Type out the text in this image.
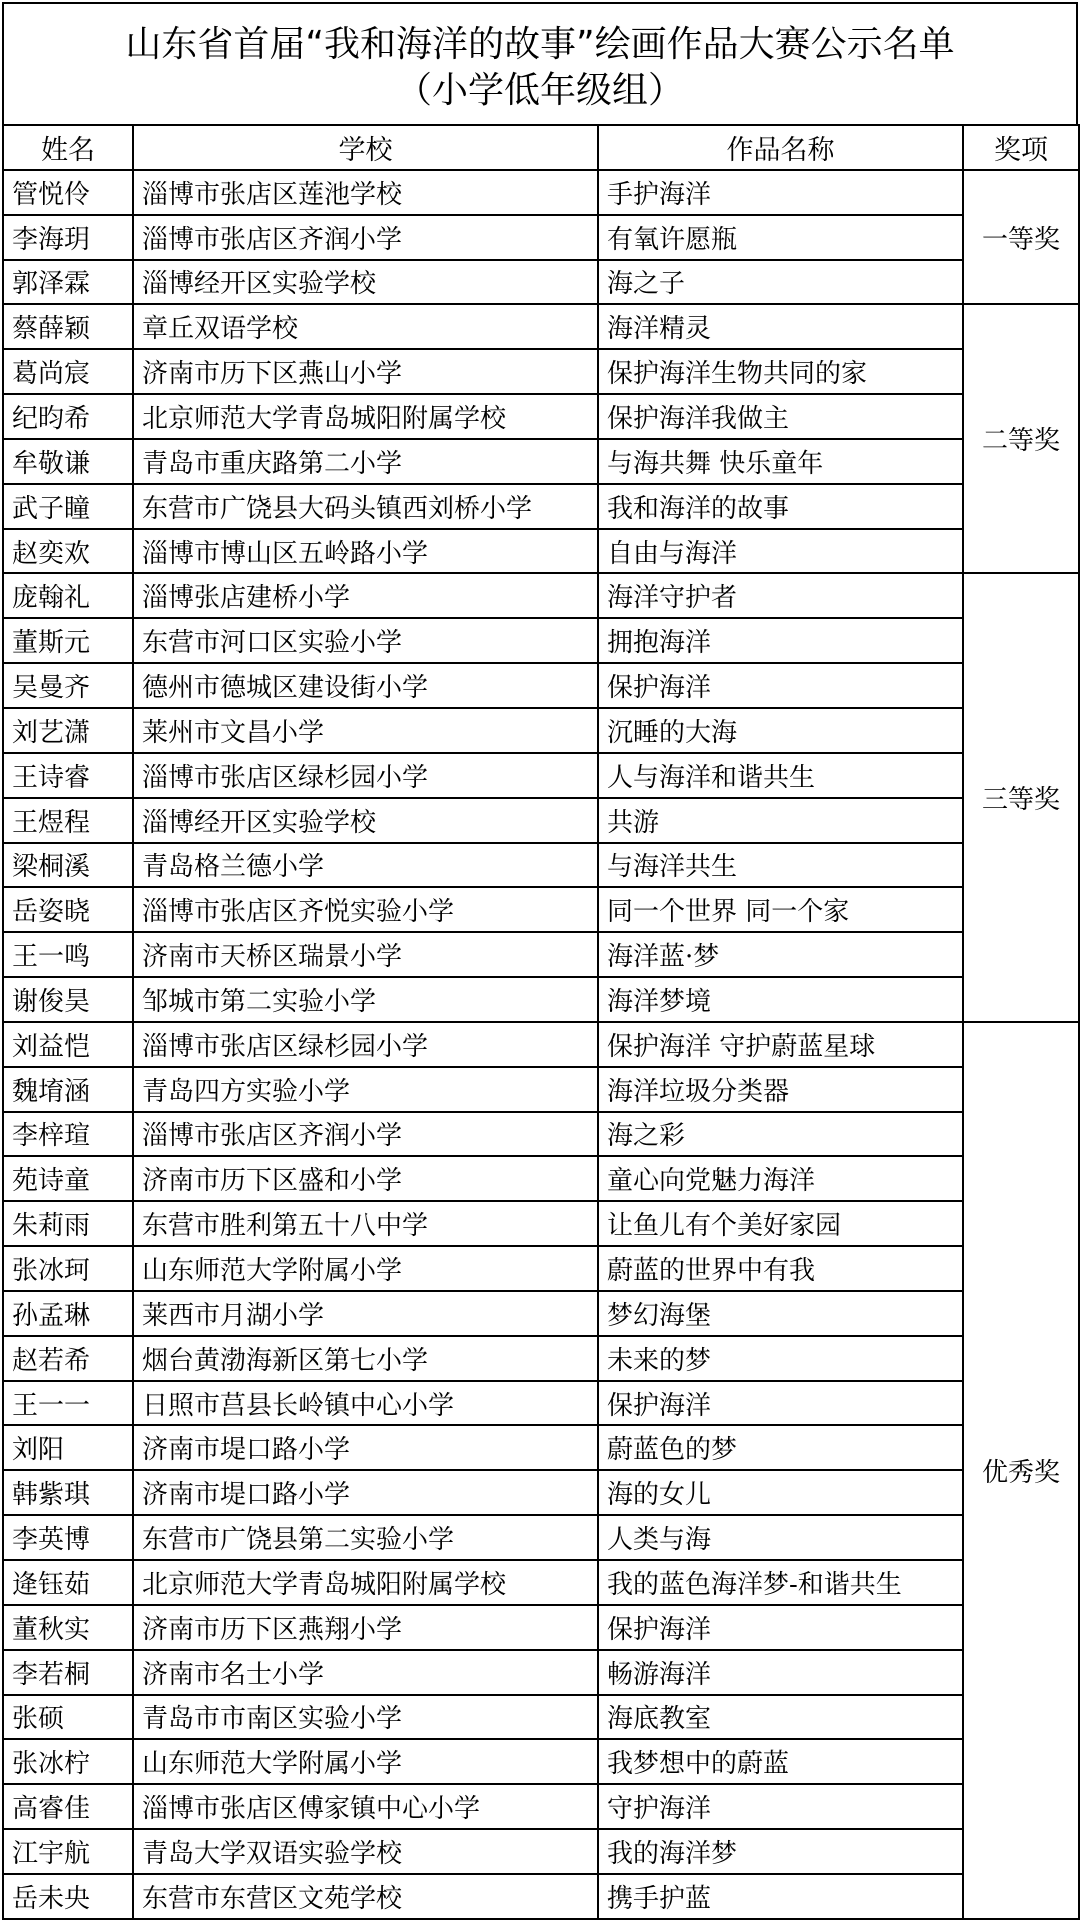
山东省首届“我和海洋的故事”绘画作品大赛公示名单
（小学低年级组）
姓名	学校	作品名称	奖项
管悦伶	淄博市张店区莲池学校	手护海洋	一等奖
李海玥	淄博市张店区齐润小学	有氧许愿瓶	
郭泽霖	淄博经开区实验学校	海之子	
蔡薛颖	章丘双语学校	海洋精灵	二等奖
葛尚宸	济南市历下区燕山小学	保护海洋生物共同的家	
纪昀希	北京师范大学青岛城阳附属学校	保护海洋我做主	
牟敬谦	青岛市重庆路第二小学	与海共舞 快乐童年	
武子瞳	东营市广饶县大码头镇西刘桥小学	我和海洋的故事	
赵奕欢	淄博市博山区五岭路小学	自由与海洋	
庞翰礼	淄博张店建桥小学	海洋守护者	三等奖
董斯元	东营市河口区实验小学	拥抱海洋	
吴曼齐	德州市德城区建设街小学	保护海洋	
刘艺潇	莱州市文昌小学	沉睡的大海	
王诗睿	淄博市张店区绿杉园小学	人与海洋和谐共生	
王煜程	淄博经开区实验学校	共游	
梁桐溪	青岛格兰德小学	与海洋共生	
岳姿晓	淄博市张店区齐悦实验小学	同一个世界 同一个家	
王一鸣	济南市天桥区瑞景小学	海洋蓝·梦	
谢俊昊	邹城市第二实验小学	海洋梦境	
刘益恺	淄博市张店区绿杉园小学	保护海洋 守护蔚蓝星球	优秀奖
魏堉涵	青岛四方实验小学	海洋垃圾分类器	
李梓瑄	淄博市张店区齐润小学	海之彩	
苑诗童	济南市历下区盛和小学	童心向党魅力海洋	
朱莉雨	东营市胜利第五十八中学	让鱼儿有个美好家园	
张冰珂	山东师范大学附属小学	蔚蓝的世界中有我	
孙孟琳	莱西市月湖小学	梦幻海堡	
赵若希	烟台黄渤海新区第七小学	未来的梦	
王一一	日照市莒县长岭镇中心小学	保护海洋	
刘阳	济南市堤口路小学	蔚蓝色的梦	
韩紫琪	济南市堤口路小学	海的女儿	
李英博	东营市广饶县第二实验小学	人类与海	
逄钰茹	北京师范大学青岛城阳附属学校	我的蓝色海洋梦-和谐共生	
董秋实	济南市历下区燕翔小学	保护海洋	
李若桐	济南市名士小学	畅游海洋	
张硕	青岛市市南区实验小学	海底教室	
张冰柠	山东师范大学附属小学	我梦想中的蔚蓝	
高睿佳	淄博市张店区傅家镇中心小学	守护海洋	
江宇航	青岛大学双语实验学校	我的海洋梦	
岳未央	东营市东营区文苑学校	携手护蓝	
